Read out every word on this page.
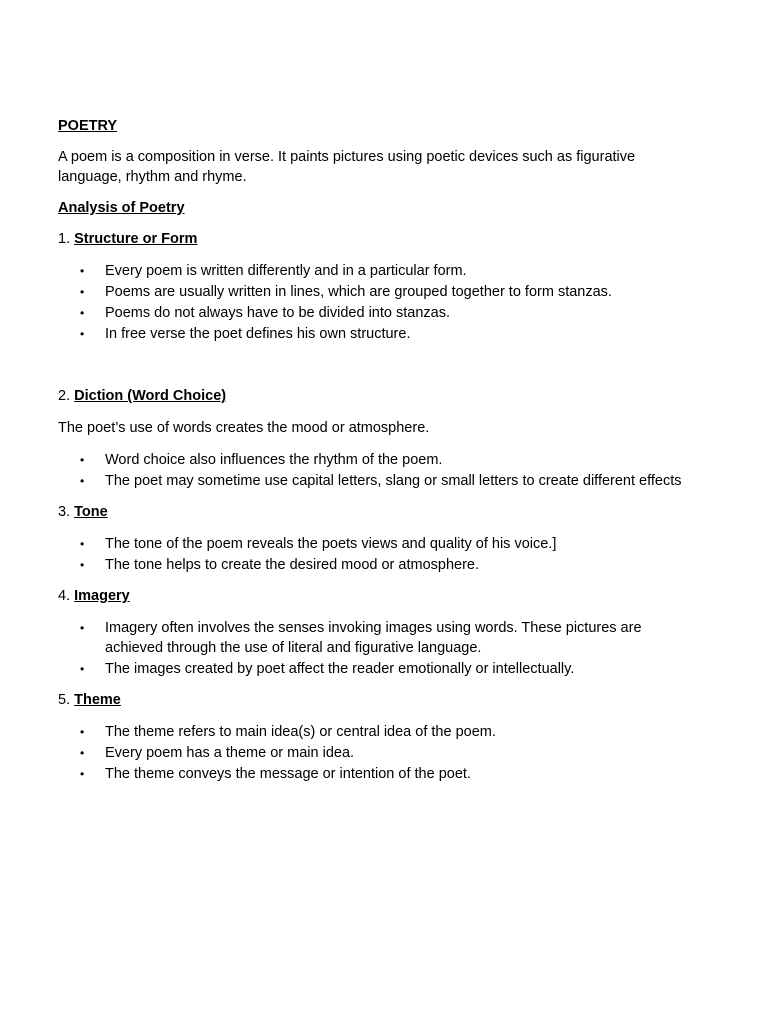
POETRY
A poem is a composition in verse. It paints pictures using poetic devices such as figurative language, rhythm and rhyme.
Analysis of Poetry
1. Structure or Form
• Every poem is written differently and in a particular form.
• Poems are usually written in lines, which are grouped together to form stanzas.
• Poems do not always have to be divided into stanzas.
• In free verse the poet defines his own structure.
2. Diction (Word Choice)
The poet’s use of words creates the mood or atmosphere.
• Word choice also influences the rhythm of the poem.
• The poet may sometime use capital letters, slang or small letters to create different effects
3. Tone
• The tone of the poem reveals the poets views and quality of his voice.]
• The tone helps to create the desired mood or atmosphere.
4. Imagery
• Imagery often involves the senses invoking images using words. These pictures are achieved through the use of literal and figurative language.
• The images created by poet affect the reader emotionally or intellectually.
5. Theme
• The theme refers to main idea(s) or central idea of the poem.
• Every poem has a theme or main idea.
• The theme conveys the message or intention of the poet.
